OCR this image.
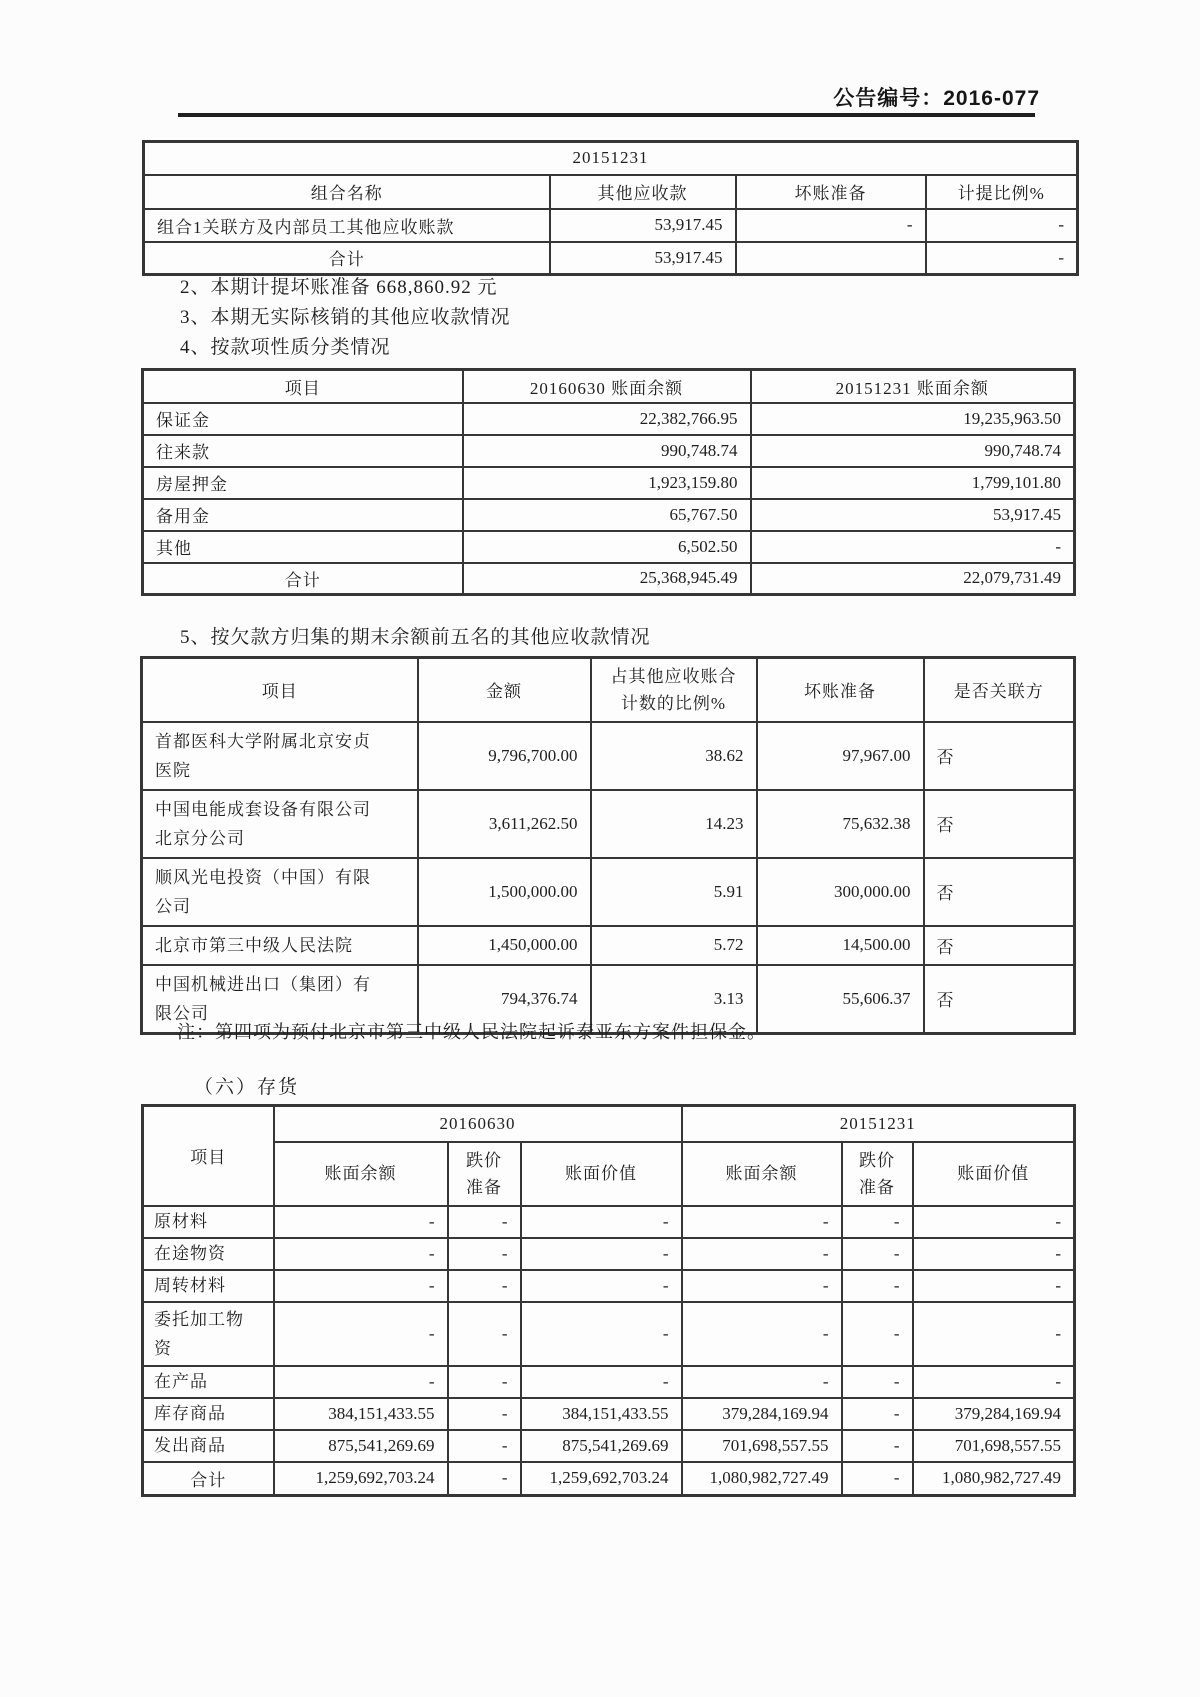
公告编号：2016-077
20151231			
组合名称	其他应收款	坏账准备	计提比例%
组合1关联方及内部员工其他应收账款	53,917.45	-	-
合计	53,917.45		-
2、本期计提坏账准备 668,860.92 元
3、本期无实际核销的其他应收款情况
4、按款项性质分类情况
项目	20160630 账面余额	20151231 账面余额
保证金	22,382,766.95	19,235,963.50
往来款	990,748.74	990,748.74
房屋押金	1,923,159.80	1,799,101.80
备用金	65,767.50	53,917.45
其他	6,502.50	-
合计	25,368,945.49	22,079,731.49
5、按欠款方归集的期末余额前五名的其他应收款情况
项目	金额	占其他应收账合计数的比例%	坏账准备	是否关联方
首都医科大学附属北京安贞医院	9,796,700.00	38.62	97,967.00	否
中国电能成套设备有限公司北京分公司	3,611,262.50	14.23	75,632.38	否
顺风光电投资（中国）有限公司	1,500,000.00	5.91	300,000.00	否
北京市第三中级人民法院	1,450,000.00	5.72	14,500.00	否
中国机械进出口（集团）有限公司	794,376.74	3.13	55,606.37	否
注：第四项为预付北京市第三中级人民法院起诉泰亚东方案件担保金。
（六）存货
项目	20160630			20151231		
	账面余额	跌价准备	账面价值	账面余额	跌价准备	账面价值
原材料	-	-	-	-	-	-
在途物资	-	-	-	-	-	-
周转材料	-	-	-	-	-	-
委托加工物资	-	-	-	-	-	-
在产品	-	-	-	-	-	-
库存商品	384,151,433.55	-	384,151,433.55	379,284,169.94	-	379,284,169.94
发出商品	875,541,269.69	-	875,541,269.69	701,698,557.55	-	701,698,557.55
合计	1,259,692,703.24	-	1,259,692,703.24	1,080,982,727.49	-	1,080,982,727.49
